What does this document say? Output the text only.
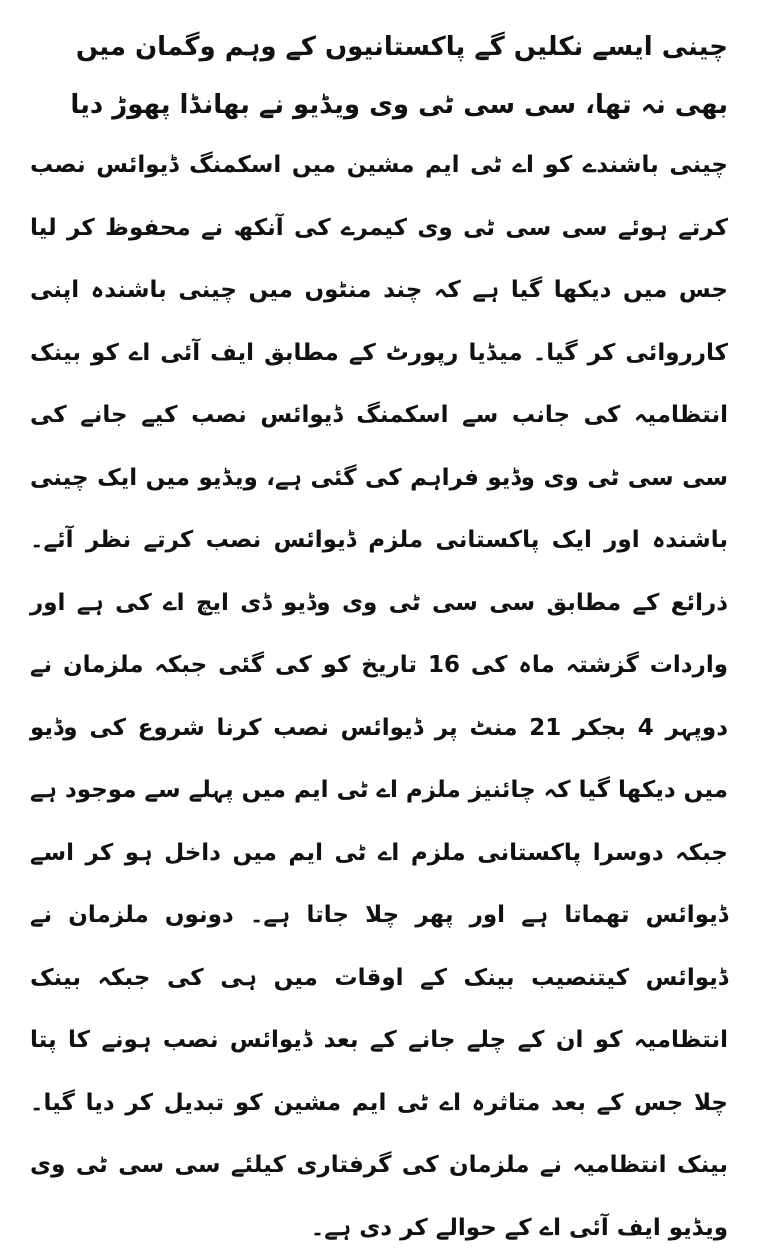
چینی ایسے نکلیں گے پاکستانیوں کے وہم وگمان میں بھی نہ تھا، سی سی ٹی وی ویڈیو نے بھانڈا پھوڑ دیا

چینی باشندے کو اے ٹی ایم مشین میں اسکمنگ ڈیوائس نصب کرتے ہوئے سی سی ٹی وی کیمرے کی آنکھ نے محفوظ کر لیا جس میں دیکھا گیا ہے کہ چند منٹوں میں چینی باشندہ اپنی کارروائی کر گیا۔ میڈیا رپورٹ کے مطابق ایف آئی اے کو بینک انتظامیہ کی جانب سے اسکمنگ ڈیوائس نصب کیے جانے کی سی سی ٹی وی وڈیو فراہم کی گئی ہے، ویڈیو میں ایک چینی باشندہ اور ایک پاکستانی ملزم ڈیوائس نصب کرتے نظر آئے۔ ذرائع کے مطابق سی سی ٹی وی وڈیو ڈی ایچ اے کی ہے اور واردات گزشتہ ماہ کی 16 تاریخ کو کی گئی جبکہ ملزمان نے دوپہر 4 بجکر 21 منٹ پر ڈیوائس نصب کرنا شروع کی وڈیو میں دیکھا گیا کہ چائنیز ملزم اے ٹی ایم میں پہلے سے موجود ہے جبکہ دوسرا پاکستانی ملزم اے ٹی ایم میں داخل ہو کر اسے ڈیوائس تھماتا ہے اور پھر چلا جاتا ہے۔ دونوں ملزمان نے ڈیوائس کیتنصیب بینک کے اوقات میں ہی کی جبکہ بینک انتظامیہ کو ان کے چلے جانے کے بعد ڈیوائس نصب ہونے کا پتا چلا جس کے بعد متاثرہ اے ٹی ایم مشین کو تبدیل کر دیا گیا۔ بینک انتظامیہ نے ملزمان کی گرفتاری کیلئے سی سی ٹی وی ویڈیو ایف آئی اے کے حوالے کر دی ہے۔
